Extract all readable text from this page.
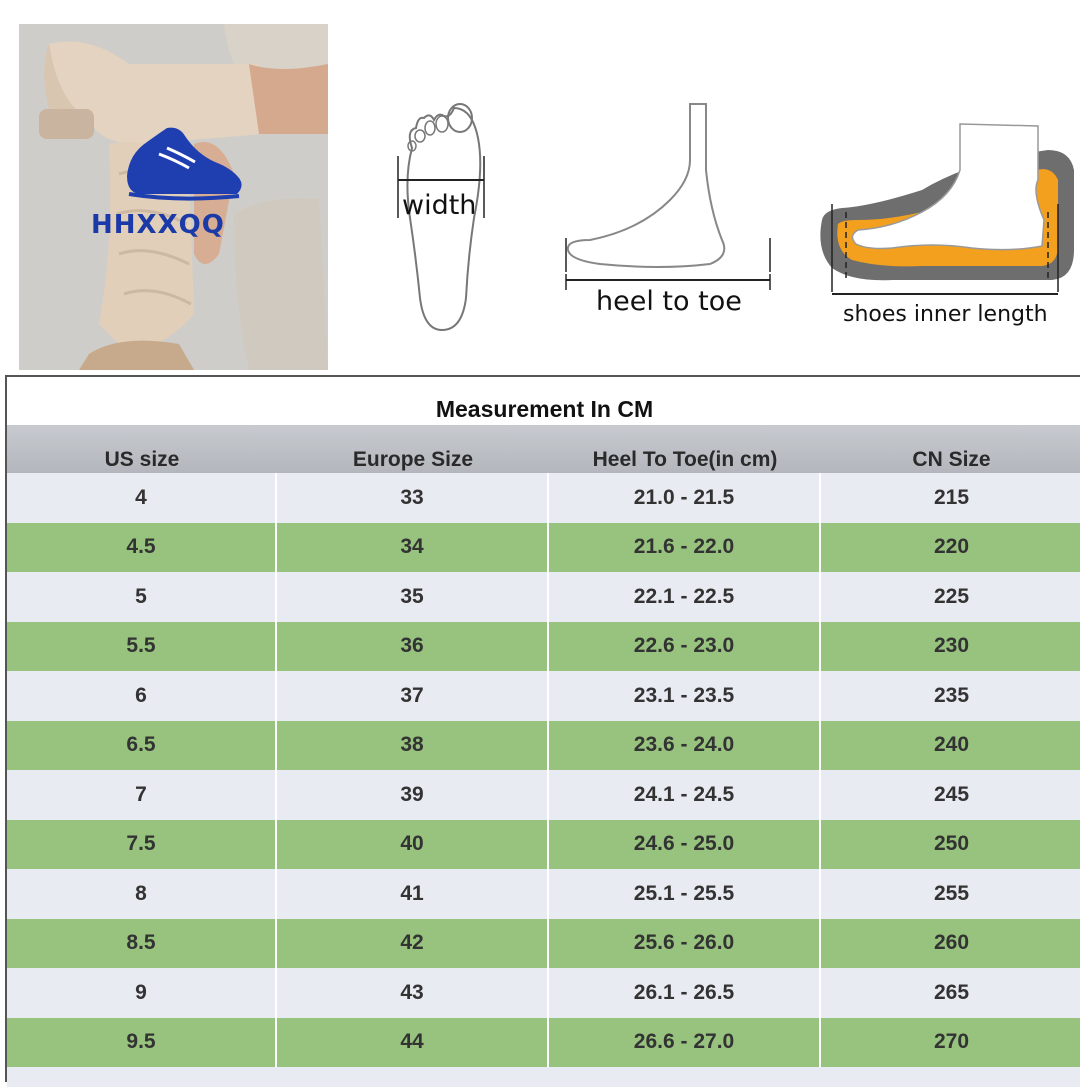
HHXXQQ
width
heel to toe	shoes inner length
Measurement In CM
US size	Europe Size	Heel To Toe(in cm)	CN Size
4	33	21.0 - 21.5	215
4.5	34	21.6 - 22.0	220
5	35	22.1 - 22.5	225
5.5	36	22.6 - 23.0	230
6	37	23.1 - 23.5	235
6.5	38	23.6 - 24.0	240
7	39	24.1 - 24.5	245
7.5	40	24.6 - 25.0	250
8	41	25.1 - 25.5	255
8.5	42	25.6 - 26.0	260
9	43	26.1 - 26.5	265
9.5	44	26.6 - 27.0	270
